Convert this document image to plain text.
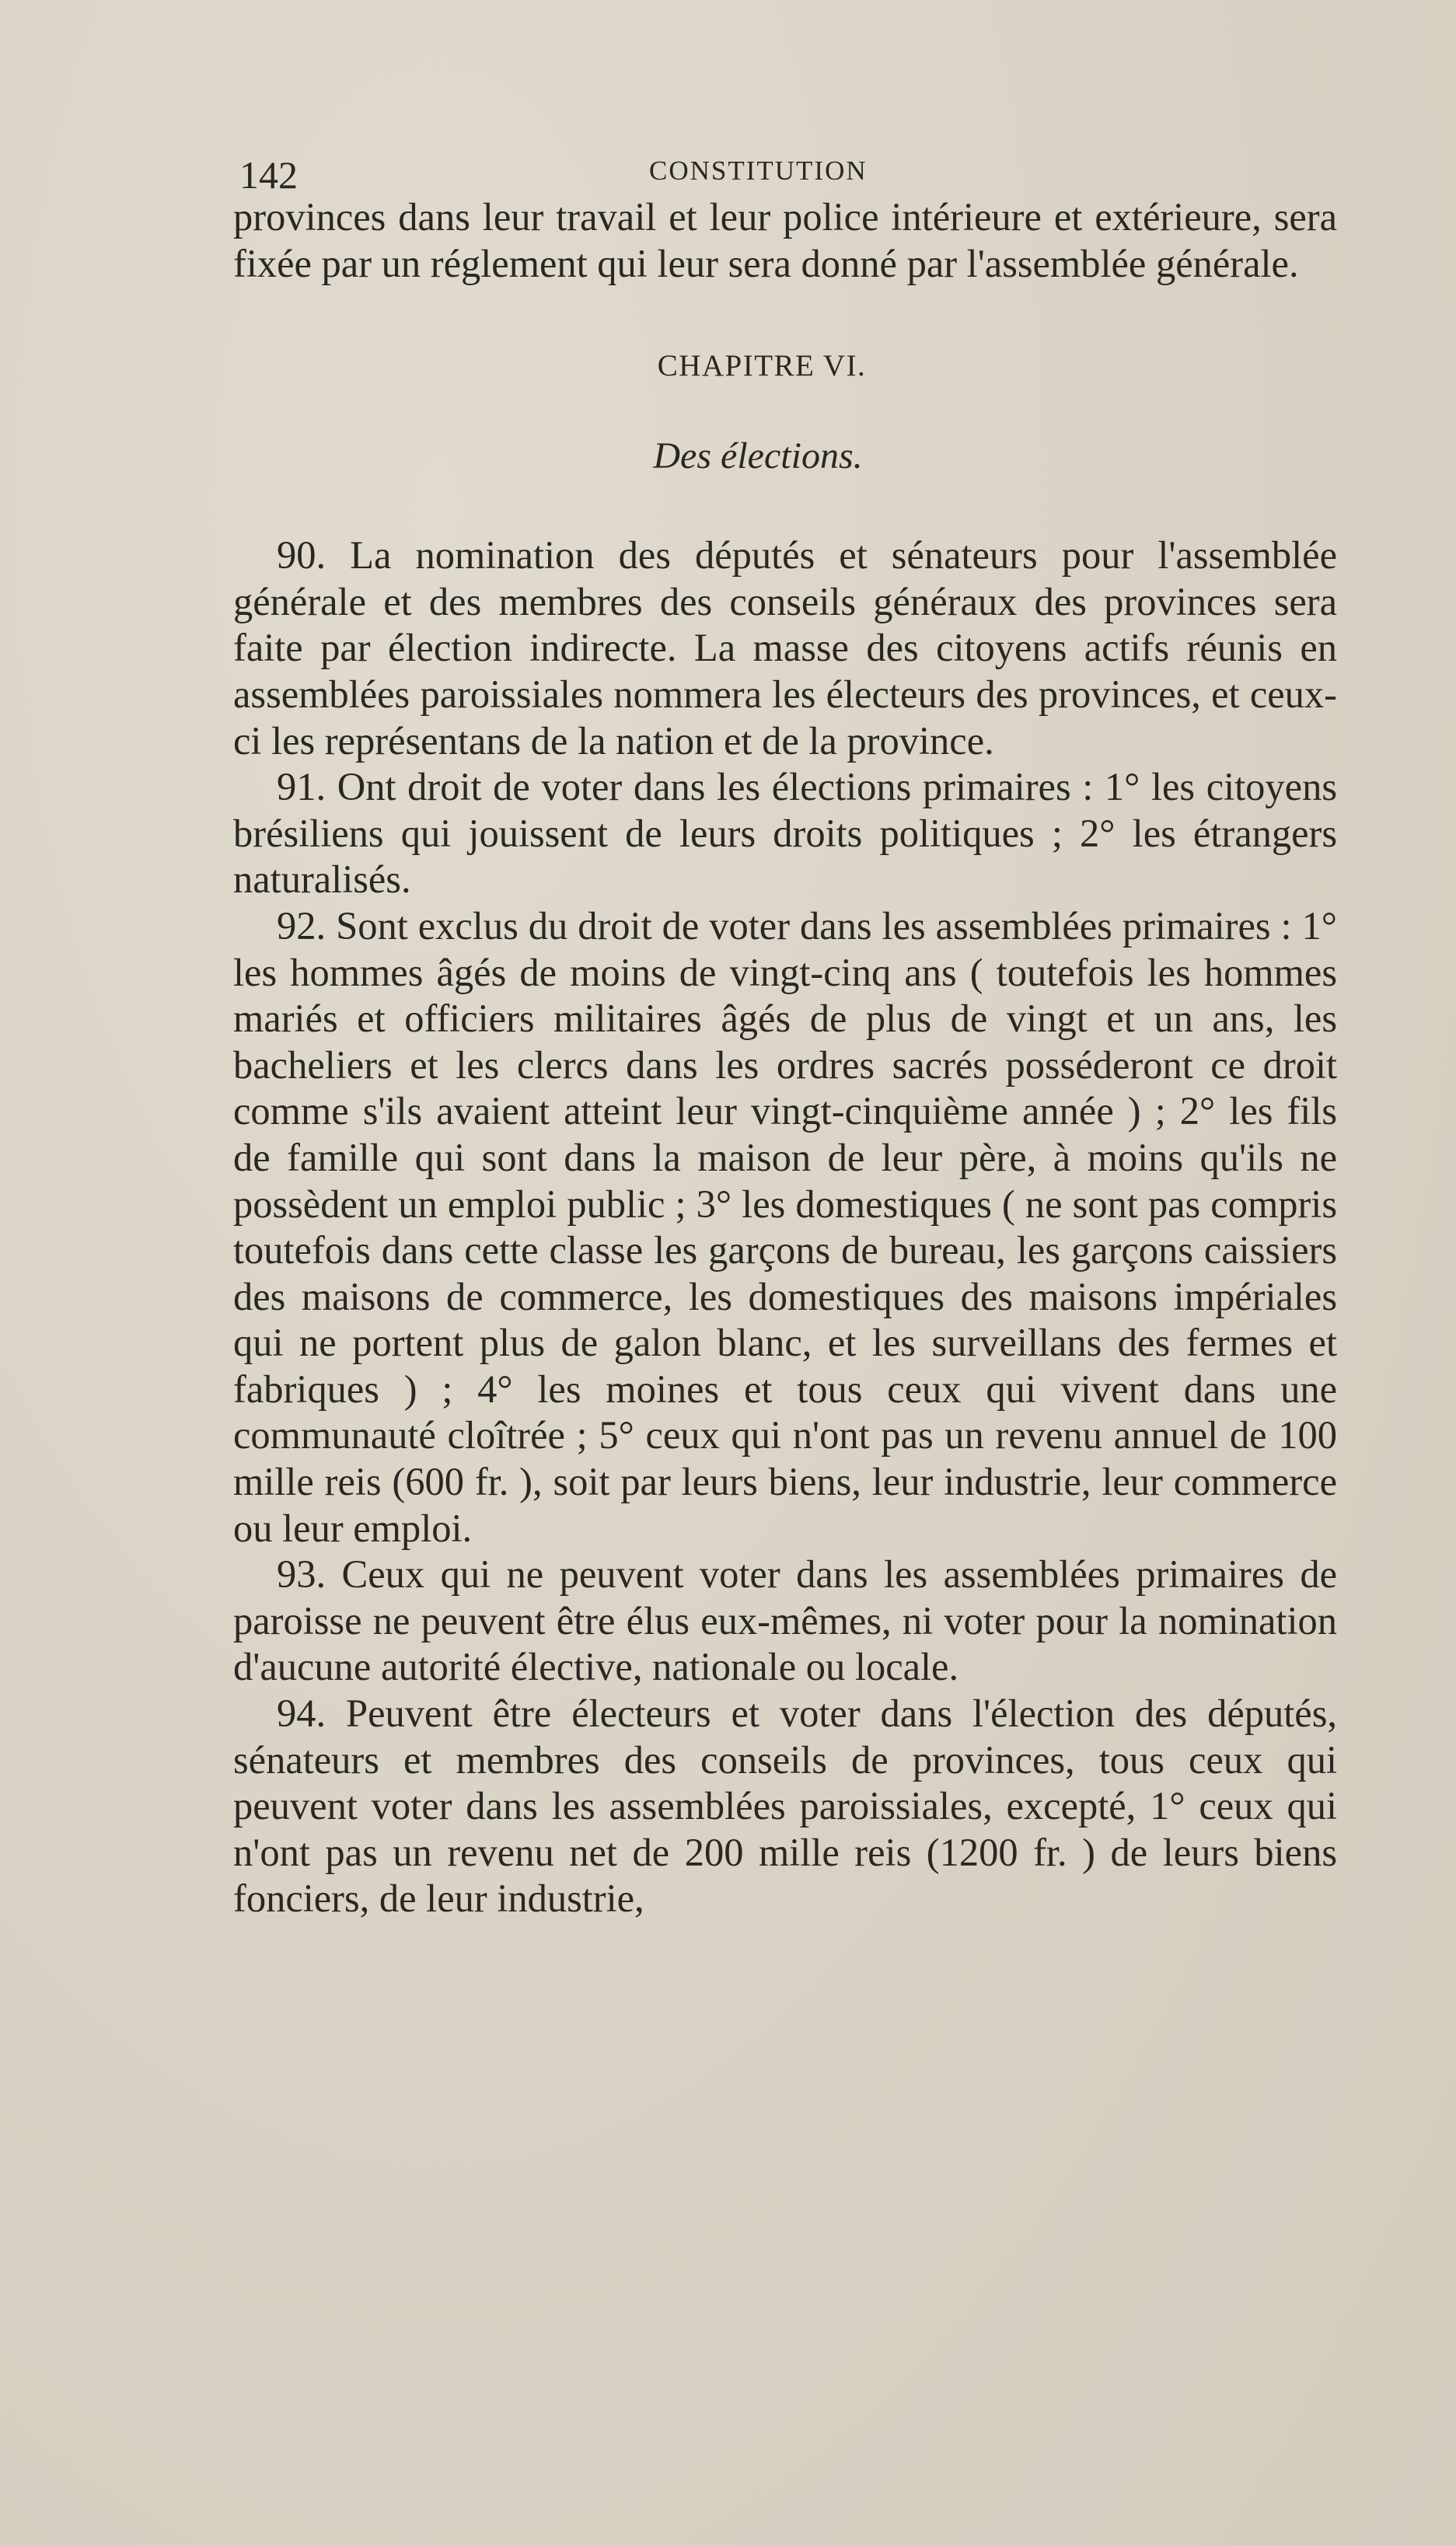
142	CONSTITUTION

provinces dans leur travail et leur police intérieure et extérieure, sera fixée par un réglement qui leur sera donné par l'assemblée générale.

CHAPITRE VI.
Des élections.

90. La nomination des députés et sénateurs pour l'assemblée générale et des membres des conseils généraux des provinces sera faite par élection indirecte. La masse des citoyens actifs réunis en assemblées paroissiales nommera les électeurs des provinces, et ceux-ci les représentans de la nation et de la province.

91. Ont droit de voter dans les élections primaires : 1° les citoyens brésiliens qui jouissent de leurs droits politiques ; 2° les étrangers naturalisés.

92. Sont exclus du droit de voter dans les assemblées primaires : 1° les hommes âgés de moins de vingt-cinq ans ( toutefois les hommes mariés et officiers militaires âgés de plus de vingt et un ans, les bacheliers et les clercs dans les ordres sacrés posséderont ce droit comme s'ils avaient atteint leur vingt-cinquième année ) ; 2° les fils de famille qui sont dans la maison de leur père, à moins qu'ils ne possèdent un emploi public ; 3° les domestiques ( ne sont pas compris toutefois dans cette classe les garçons de bureau, les garçons caissiers des maisons de commerce, les domestiques des maisons impériales qui ne portent plus de galon blanc, et les surveillans des fermes et fabriques ) ; 4° les moines et tous ceux qui vivent dans une communauté cloîtrée ; 5° ceux qui n'ont pas un revenu annuel de 100 mille reis (600 fr. ), soit par leurs biens, leur industrie, leur commerce ou leur emploi.

93. Ceux qui ne peuvent voter dans les assemblées primaires de paroisse ne peuvent être élus eux-mêmes, ni voter pour la nomination d'aucune autorité élective, nationale ou locale.

94. Peuvent être électeurs et voter dans l'élection des députés, sénateurs et membres des conseils de provinces, tous ceux qui peuvent voter dans les assemblées paroissiales, excepté, 1° ceux qui n'ont pas un revenu net de 200 mille reis (1200 fr. ) de leurs biens fonciers, de leur industrie,
